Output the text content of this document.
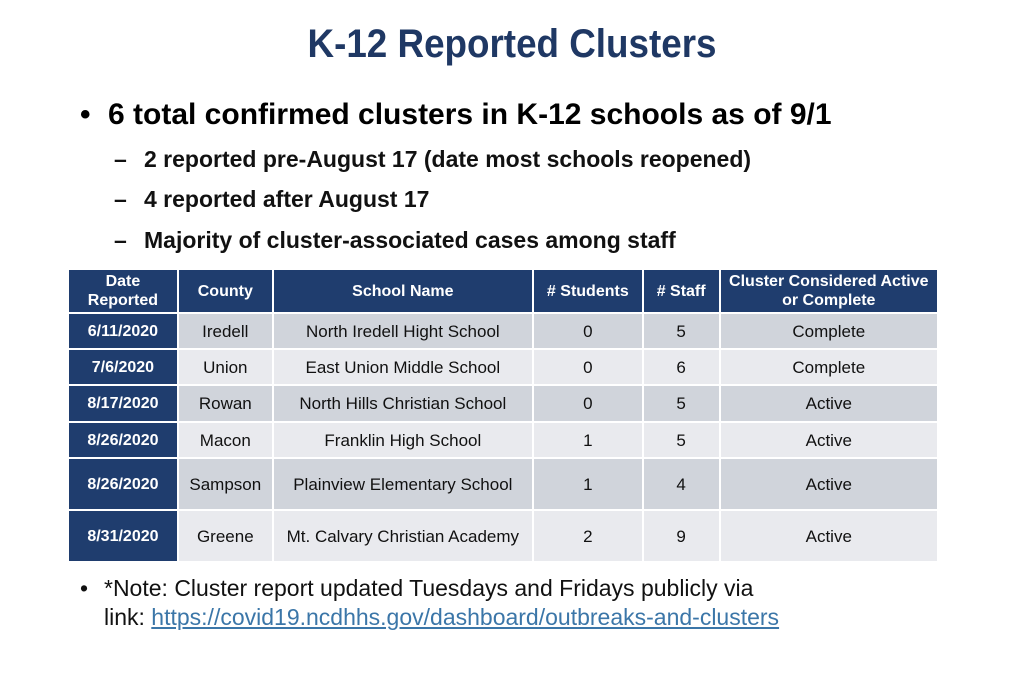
K-12 Reported Clusters
• 6 total confirmed clusters in K-12 schools as of 9/1
– 2 reported pre-August 17 (date most schools reopened)
– 4 reported after August 17
– Majority of cluster-associated cases among staff
Date Reported	County	School Name	# Students	# Staff	Cluster Considered Active or Complete
6/11/2020	Iredell	North Iredell Hight School	0	5	Complete
7/6/2020	Union	East Union Middle School	0	6	Complete
8/17/2020	Rowan	North Hills Christian School	0	5	Active
8/26/2020	Macon	Franklin High School	1	5	Active
8/26/2020	Sampson	Plainview Elementary School	1	4	Active
8/31/2020	Greene	Mt. Calvary Christian Academy	2	9	Active
• *Note: Cluster report updated Tuesdays and Fridays publicly via
link: https://covid19.ncdhhs.gov/dashboard/outbreaks-and-clusters
